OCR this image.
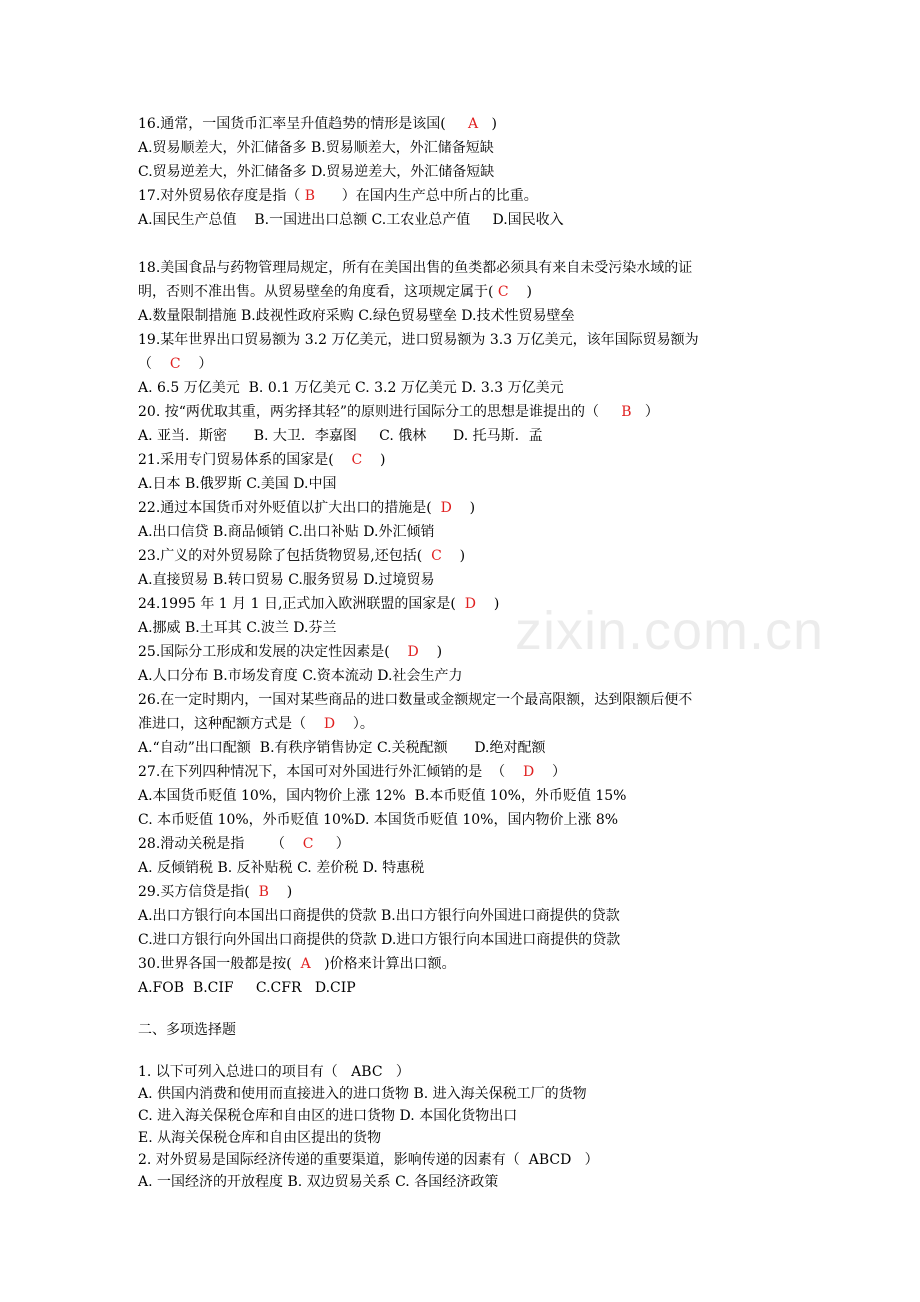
16.通常，一国货币汇率呈升值趋势的情形是该国(     A   )
A.贸易顺差大，外汇储备多 B.贸易顺差大，外汇储备短缺
C.贸易逆差大，外汇储备多 D.贸易逆差大，外汇储备短缺
17.对外贸易依存度是指（ B      ）在国内生产总中所占的比重。
A.国民生产总值    B.一国进出口总额 C.工农业总产值     D.国民收入
18.美国食品与药物管理局规定，所有在美国出售的鱼类都必须具有来自未受污染水域的证
明，否则不准出售。从贸易壁垒的角度看，这项规定属于( C    )
A.数量限制措施 B.歧视性政府采购 C.绿色贸易壁垒 D.技术性贸易壁垒
19.某年世界出口贸易额为 3.2 万亿美元，进口贸易额为 3.3 万亿美元，该年国际贸易额为
（    C    ）
A. 6.5 万亿美元  B. 0.1 万亿美元 C. 3.2 万亿美元 D. 3.3 万亿美元
20. 按“两优取其重，两劣择其轻”的原则进行国际分工的思想是谁提出的（     B   ）
A. 亚当．斯密      B. 大卫．李嘉图     C. 俄林      D. 托马斯．孟
21.采用专门贸易体系的国家是(    C    )
A.日本 B.俄罗斯 C.美国 D.中国
22.通过本国货币对外贬值以扩大出口的措施是(  D    )
A.出口信贷 B.商品倾销 C.出口补贴 D.外汇倾销
23.广义的对外贸易除了包括货物贸易,还包括(  C    )
A.直接贸易 B.转口贸易 C.服务贸易 D.过境贸易
24.1995 年 1 月 1 日,正式加入欧洲联盟的国家是(  D    )
A.挪威 B.土耳其 C.波兰 D.芬兰
25.国际分工形成和发展的决定性因素是(    D    )
A.人口分布 B.市场发育度 C.资本流动 D.社会生产力
26.在一定时期内，一国对某些商品的进口数量或金额规定一个最高限额，达到限额后便不
准进口，这种配额方式是（    D    ）。
A.“自动”出口配额  B.有秩序销售协定 C.关税配额      D.绝对配额
27.在下列四种情况下，本国可对外国进行外汇倾销的是  （    D    ）
A.本国货币贬值 10%，国内物价上涨 12%  B.本币贬值 10%，外币贬值 15%
C. 本币贬值 10%，外币贬值 10%D. 本国货币贬值 10%，国内物价上涨 8%
28.滑动关税是指      （    C     ）
A. 反倾销税 B. 反补贴税 C. 差价税 D. 特惠税
29.买方信贷是指(  B    )
A.出口方银行向本国出口商提供的贷款 B.出口方银行向外国进口商提供的贷款
C.进口方银行向外国出口商提供的贷款 D.进口方银行向本国进口商提供的贷款
30.世界各国一般都是按(  A   )价格来计算出口额。
A.FOB  B.CIF     C.CFR   D.CIP
二、多项选择题
1. 以下可列入总进口的项目有（   ABC   ）
A. 供国内消费和使用而直接进入的进口货物 B. 进入海关保税工厂的货物
C. 进入海关保税仓库和自由区的进口货物 D. 本国化货物出口
E. 从海关保税仓库和自由区提出的货物
2. 对外贸易是国际经济传递的重要渠道，影响传递的因素有（  ABCD   ）
A. 一国经济的开放程度 B. 双边贸易关系 C. 各国经济政策
zixin.com.cn
